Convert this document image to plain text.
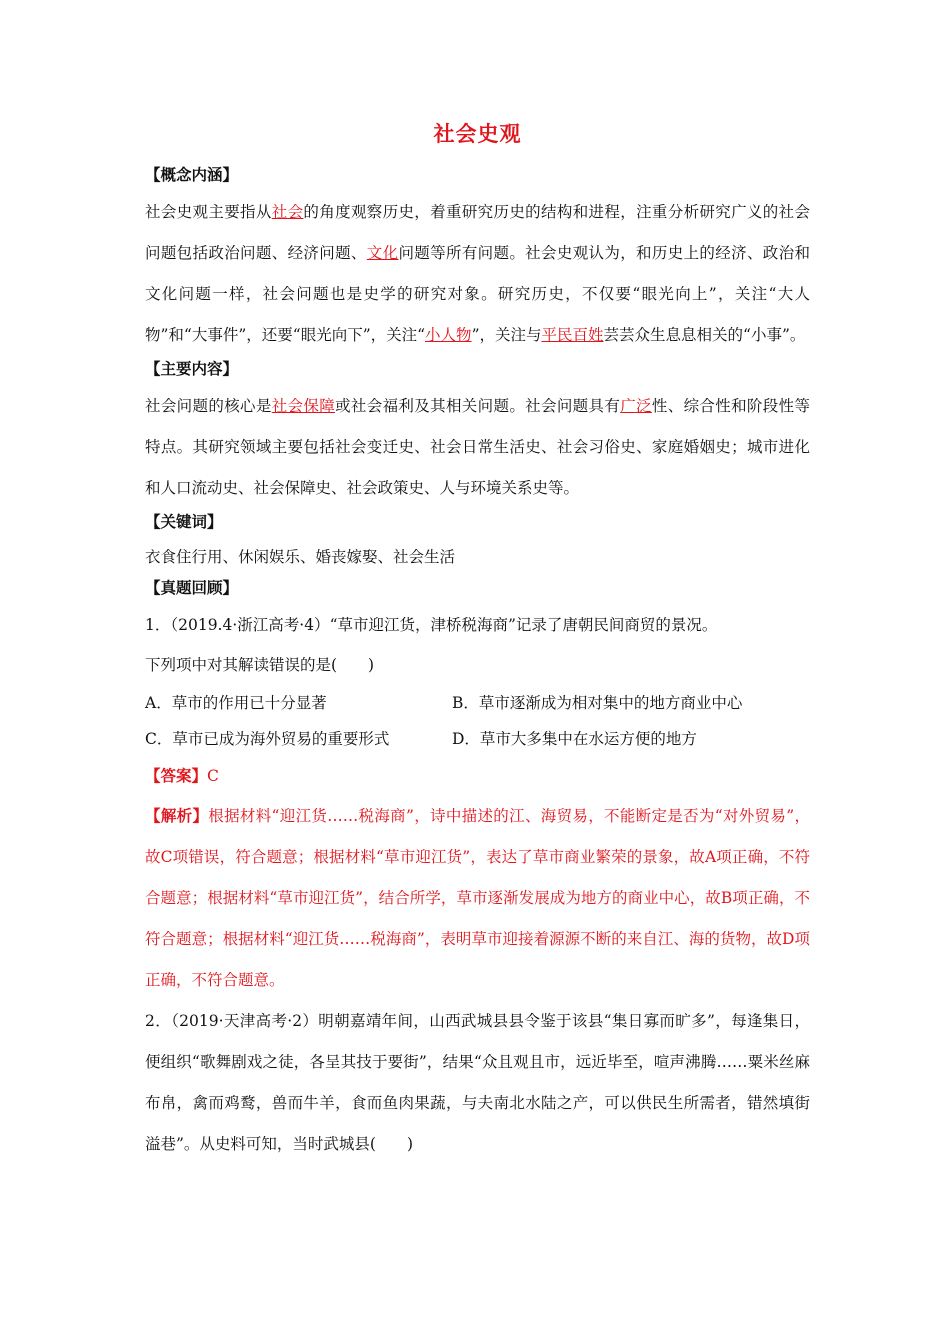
社会史观
【概念内涵】
社会史观主要指从社会的角度观察历史，着重研究历史的结构和进程，注重分析研究广义的社会问题包括政治问题、经济问题、文化问题等所有问题。社会史观认为，和历史上的经济、政治和文化问题一样，社会问题也是史学的研究对象。研究历史，不仅要“眼光向上”，关注“大人物”和“大事件”，还要“眼光向下”，关注“小人物”，关注与平民百姓芸芸众生息息相关的“小事”。
【主要内容】
社会问题的核心是社会保障或社会福利及其相关问题。社会问题具有广泛性、综合性和阶段性等特点。其研究领域主要包括社会变迁史、社会日常生活史、社会习俗史、家庭婚姻史；城市进化和人口流动史、社会保障史、社会政策史、人与环境关系史等。
【关键词】
衣食住行用、休闲娱乐、婚丧嫁娶、社会生活
【真题回顾】
1．（2019.4·浙江高考·4）“草市迎江货，津桥税海商”记录了唐朝民间商贸的景况。
下列项中对其解读错误的是(　　)
A．草市的作用已十分显著	B．草市逐渐成为相对集中的地方商业中心
C．草市已成为海外贸易的重要形式	D．草市大多集中在水运方便的地方
【答案】C
【解析】根据材料“迎江货……税海商”，诗中描述的江、海贸易，不能断定是否为“对外贸易”，故C项错误，符合题意；根据材料“草市迎江货”，表达了草市商业繁荣的景象，故A项正确，不符合题意；根据材料“草市迎江货”，结合所学，草市逐渐发展成为地方的商业中心，故B项正确，不符合题意；根据材料“迎江货……税海商”，表明草市迎接着源源不断的来自江、海的货物，故D项正确，不符合题意。
2．（2019·天津高考·2）明朝嘉靖年间，山西武城县县令鉴于该县“集日寡而旷多”，每逢集日，便组织“歌舞剧戏之徒，各呈其技于要街”，结果“众且观且市，远近毕至，喧声沸腾……粟米丝麻布帛，禽而鸡鹜，兽而牛羊，食而鱼肉果蔬，与夫南北水陆之产，可以供民生所需者，错然填街溢巷”。从史料可知，当时武城县(　　)
